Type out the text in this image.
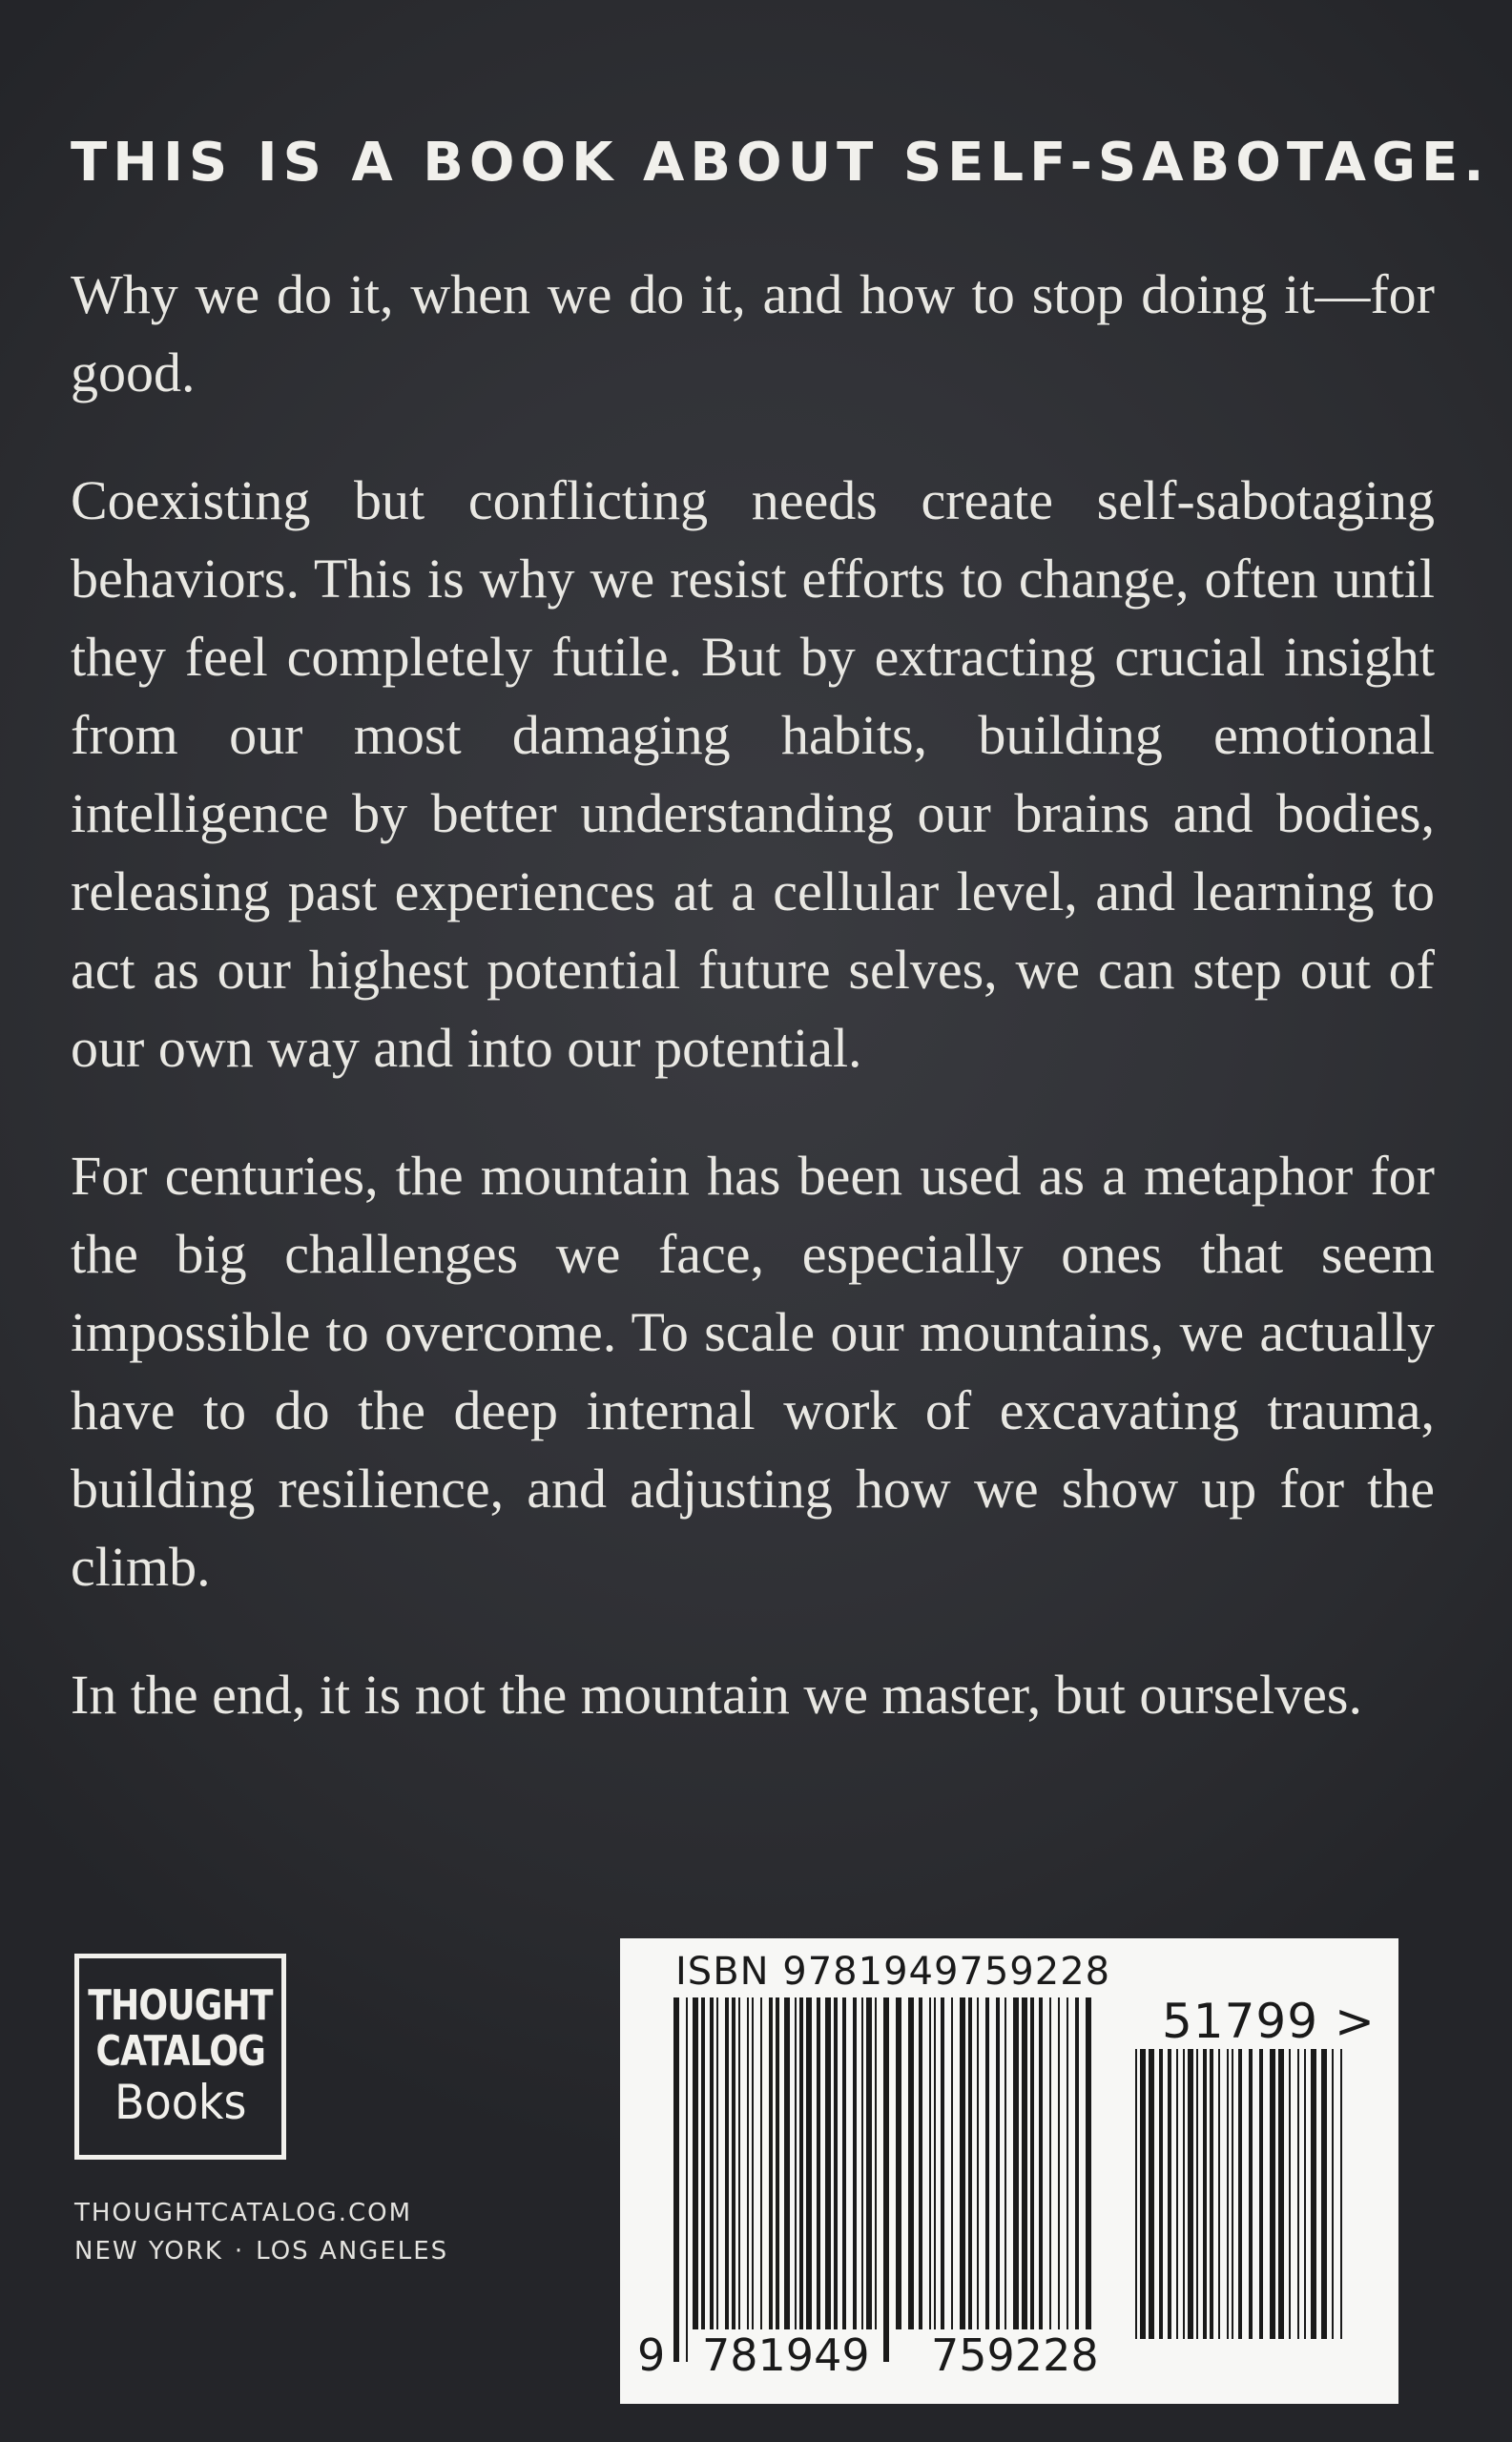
THIS IS A BOOK ABOUT SELF-SABOTAGE.

Why we do it, when we do it, and how to stop doing it—for good.

Coexisting but conflicting needs create self-sabotaging behaviors. This is why we resist efforts to change, often until they feel completely futile. But by extracting crucial insight from our most damaging habits, building emotional intelligence by better understanding our brains and bodies, releasing past experiences at a cellular level, and learning to act as our highest potential future selves, we can step out of our own way and into our potential.

For centuries, the mountain has been used as a metaphor for the big challenges we face, especially ones that seem impossible to overcome. To scale our mountains, we actually have to do the deep internal work of excavating trauma, building resilience, and adjusting how we show up for the climb.

In the end, it is not the mountain we master, but ourselves.

THOUGHT
CATALOG
Books
THOUGHTCATALOG.COM
NEW YORK · LOS ANGELES
ISBN 9781949759228
51799 >
9 781949 759228
